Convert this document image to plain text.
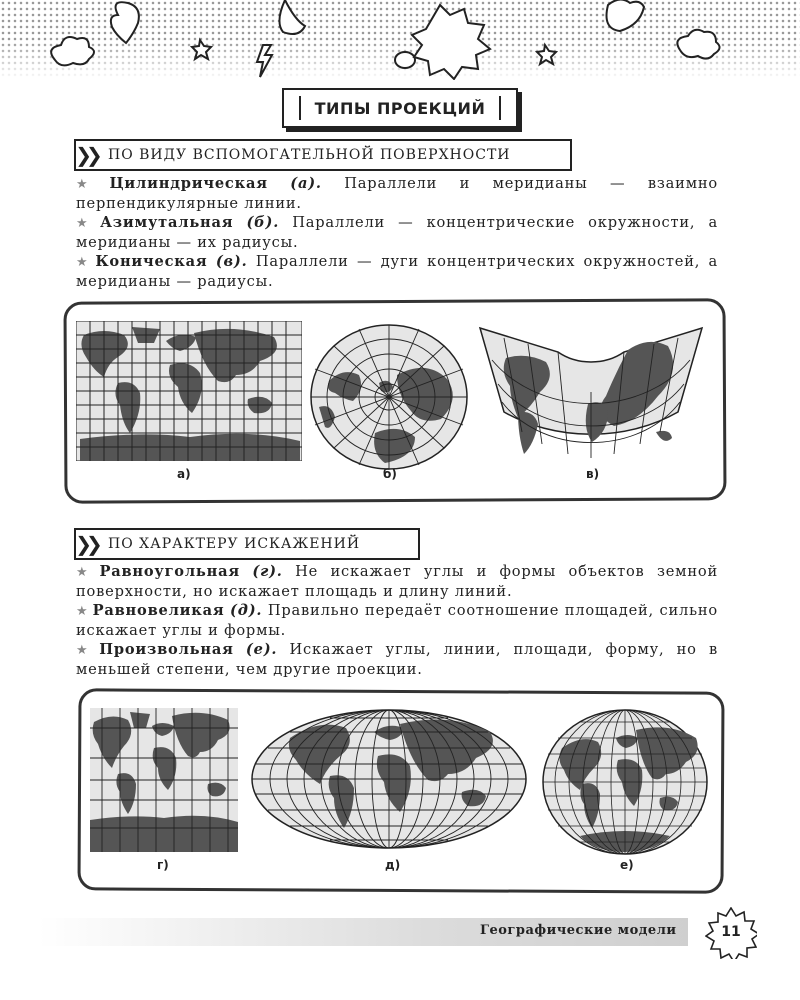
ТИПЫ ПРОЕКЦИЙ
❯❯ ПО ВИДУ ВСПОМОГАТЕЛЬНОЙ ПОВЕРХНОСТИ

★ Цилиндрическая (а). Параллели и меридианы — взаимно перпендикулярные линии.

★ Азимутальная (б). Параллели — концентрические окружности, а меридианы — их радиусы.

★ Коническая (в). Параллели — дуги концентрических окружностей, а меридианы — радиусы.

а)	б)	в)
❯❯ ПО ХАРАКТЕРУ ИСКАЖЕНИЙ

★ Равноугольная (г). Не искажает углы и формы объектов земной поверхности, но искажает площадь и длину линий.

★ Равновеликая (д). Правильно передаёт соотношение площадей, сильно искажает углы и формы.

★ Произвольная (е). Искажает углы, линии, площади, форму, но в меньшей степени, чем другие проекции.

г)	д)	е)
Географические модели	11
